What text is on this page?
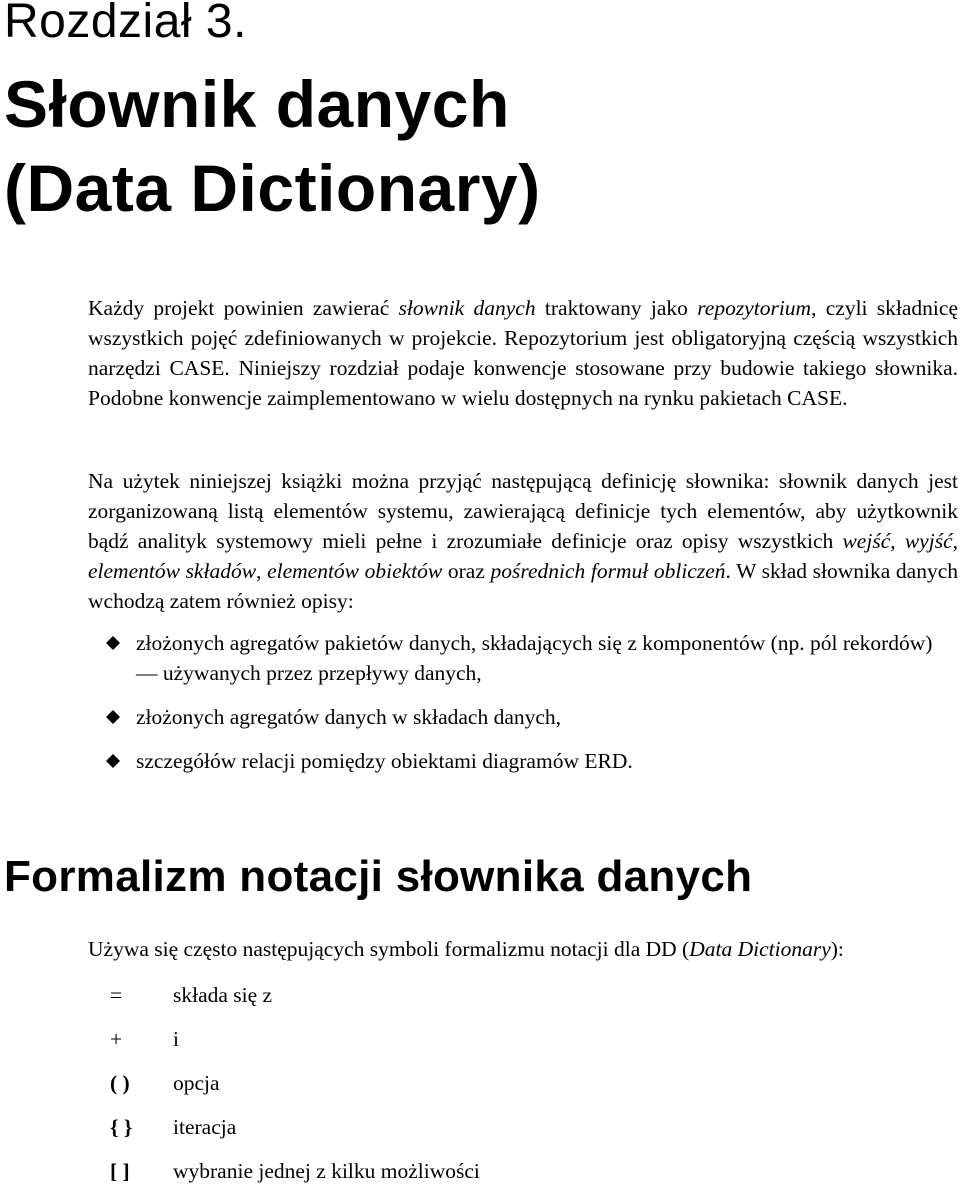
Rozdział 3.
Słownik danych
(Data Dictionary)

Każdy projekt powinien zawierać słownik danych traktowany jako repozytorium, czyli składnicę wszystkich pojęć zdefiniowanych w projekcie. Repozytorium jest obligatoryjną częścią wszystkich narzędzi CASE. Niniejszy rozdział podaje konwencje stosowane przy budowie takiego słownika. Podobne konwencje zaimplementowano w wielu dostępnych na rynku pakietach CASE.

Na użytek niniejszej książki można przyjąć następującą definicję słownika: słownik danych jest zorganizowaną listą elementów systemu, zawierającą definicje tych elementów, aby użytkownik bądź analityk systemowy mieli pełne i zrozumiałe definicje oraz opisy wszystkich wejść, wyjść, elementów składów, elementów obiektów oraz pośrednich formuł obliczeń. W skład słownika danych wchodzą zatem również opisy:

złożonych agregatów pakietów danych, składających się z komponentów (np. pól rekordów) — używanych przez przepływy danych,
złożonych agregatów danych w składach danych,
szczegółów relacji pomiędzy obiektami diagramów ERD.
Formalizm notacji słownika danych

Używa się często następujących symboli formalizmu notacji dla DD (Data Dictionary):

=	składa się z
+	i
( )	opcja
{ }	iteracja
[ ]	wybranie jednej z kilku możliwości
